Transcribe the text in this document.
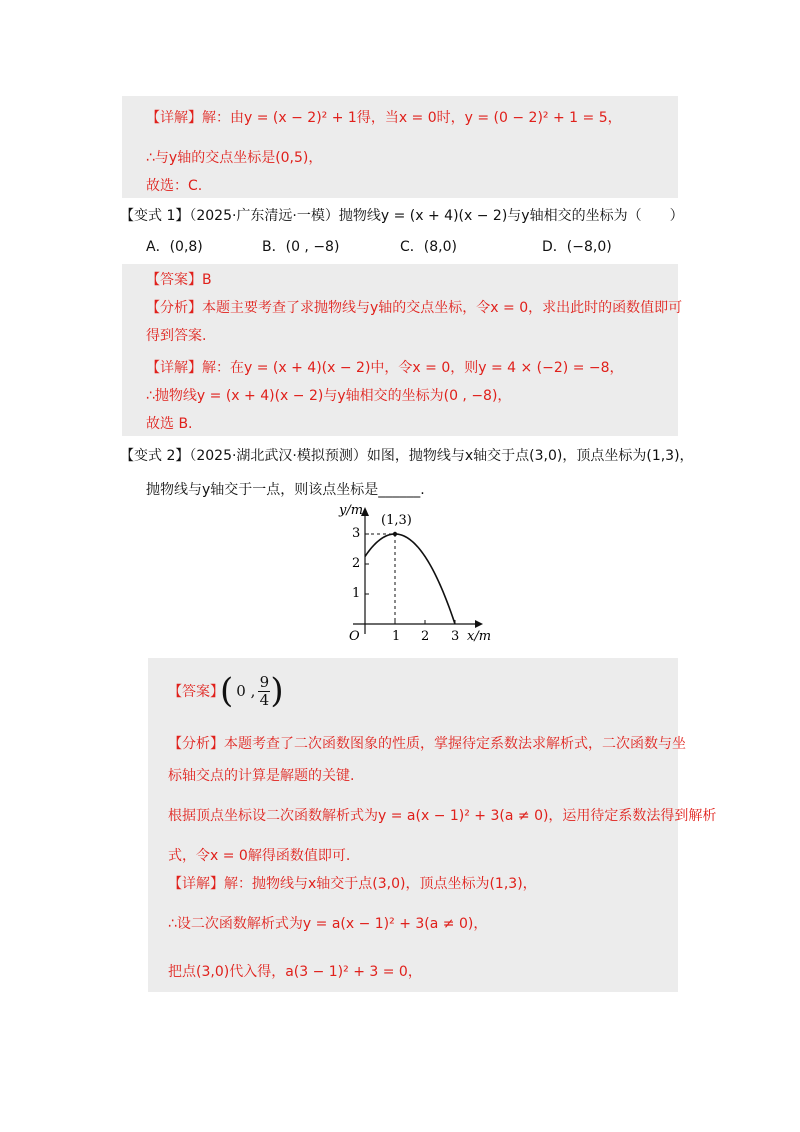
【详解】解：由y = (x − 2)² + 1得，当x = 0时，y = (0 − 2)² + 1 = 5，
∴与y轴的交点坐标是(0,5)，
故选：C.
【变式 1】（2025·广东清远·一模）抛物线y = (x + 4)(x − 2)与y轴相交的坐标为（　　）
A．(0,8)	B．(0 , −8)	C．(8,0)	D．(−8,0)
【答案】B
【分析】本题主要考查了求抛物线与y轴的交点坐标，令x = 0，求出此时的函数值即可
得到答案.
【详解】解：在y = (x + 4)(x − 2)中，令x = 0，则y = 4 × (−2) = −8，
∴抛物线y = (x + 4)(x − 2)与y轴相交的坐标为(0 , −8)，
故选 B.
【变式 2】（2025·湖北武汉·模拟预测）如图，抛物线与x轴交于点(3,0)，顶点坐标为(1,3)，
抛物线与y轴交于一点，则该点坐标是______.
y/m
x/m
O
(1,3)
1 2 3
1
2
3
【答案】
( 0 ,
9
4 )
【分析】本题考查了二次函数图象的性质，掌握待定系数法求解析式，二次函数与坐
标轴交点的计算是解题的关键.
根据顶点坐标设二次函数解析式为y = a(x − 1)² + 3(a ≠ 0)，运用待定系数法得到解析
式，令x = 0解得函数值即可.
【详解】解：抛物线与x轴交于点(3,0)，顶点坐标为(1,3)，
∴设二次函数解析式为y = a(x − 1)² + 3(a ≠ 0)，
把点(3,0)代入得，a(3 − 1)² + 3 = 0，
